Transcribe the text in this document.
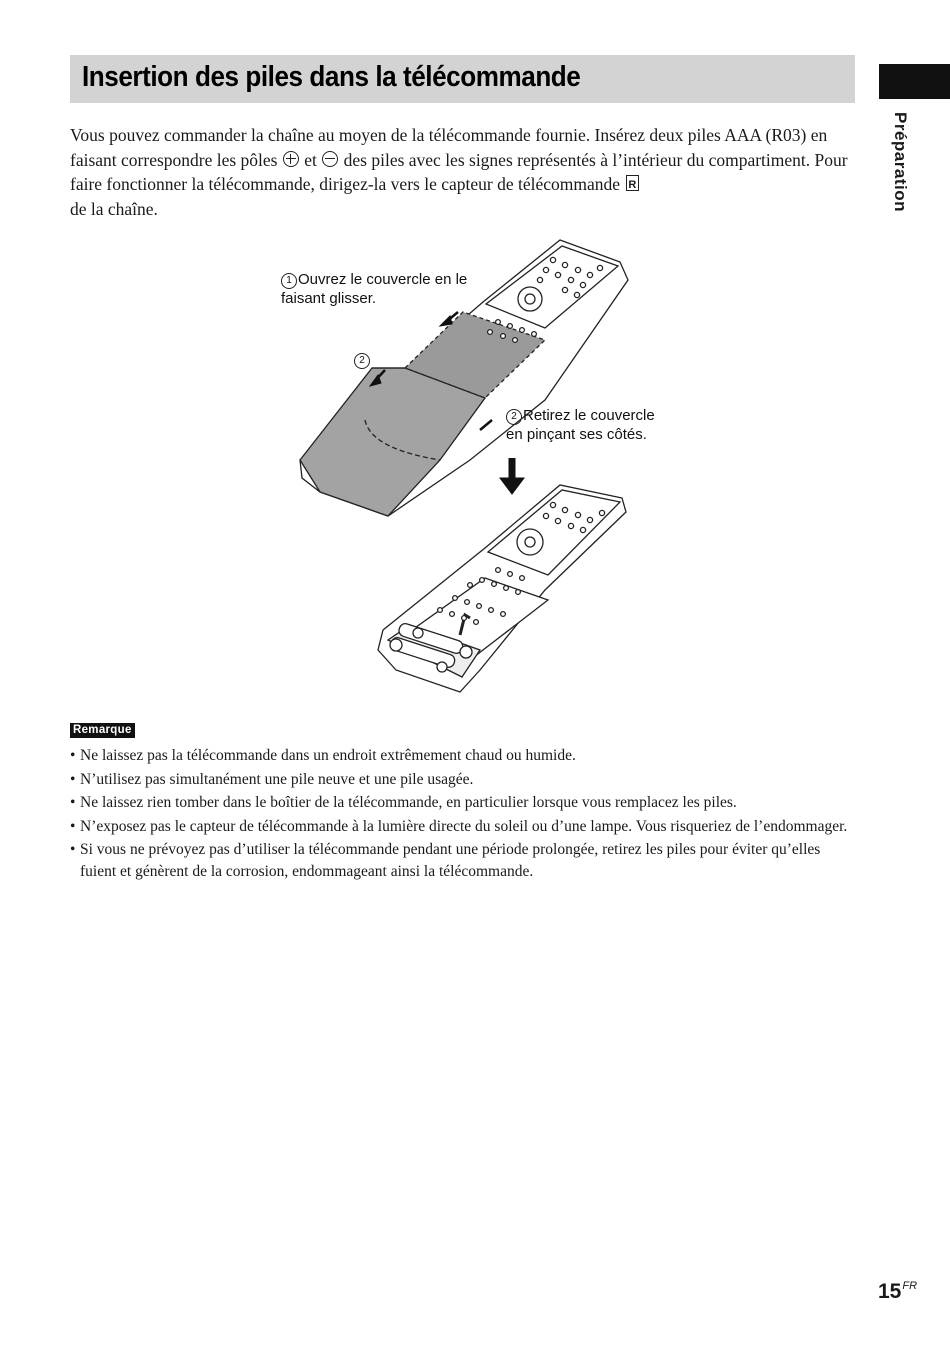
Insertion des piles dans la télécommande
Préparation

Vous pouvez commander la chaîne au moyen de la télécommande fournie. Insérez deux piles AAA (R03) en faisant correspondre les pôles  et  des piles avec les signes représentés à l’intérieur du compartiment. Pour faire fonctionner la télécommande, dirigez-la vers le capteur de télécommande R
de la chaîne.

1 Ouvrez le couvercle en le
faisant glisser.
2
2 Retirez le couvercle
en pinçant ses côtés.
Remarque
• Ne laissez pas la télécommande dans un endroit extrêmement chaud ou humide.
• N’utilisez pas simultanément une pile neuve et une pile usagée.
• Ne laissez rien tomber dans le boîtier de la télécommande, en particulier lorsque vous remplacez les piles.
• N’exposez pas le capteur de télécommande à la lumière directe du soleil ou d’une lampe. Vous risqueriez de l’endommager.
• Si vous ne prévoyez pas d’utiliser la télécommande pendant une période prolongée, retirez les piles pour éviter qu’elles fuient et génèrent de la corrosion, endommageant ainsi la télécommande.
$15^{FR}$
